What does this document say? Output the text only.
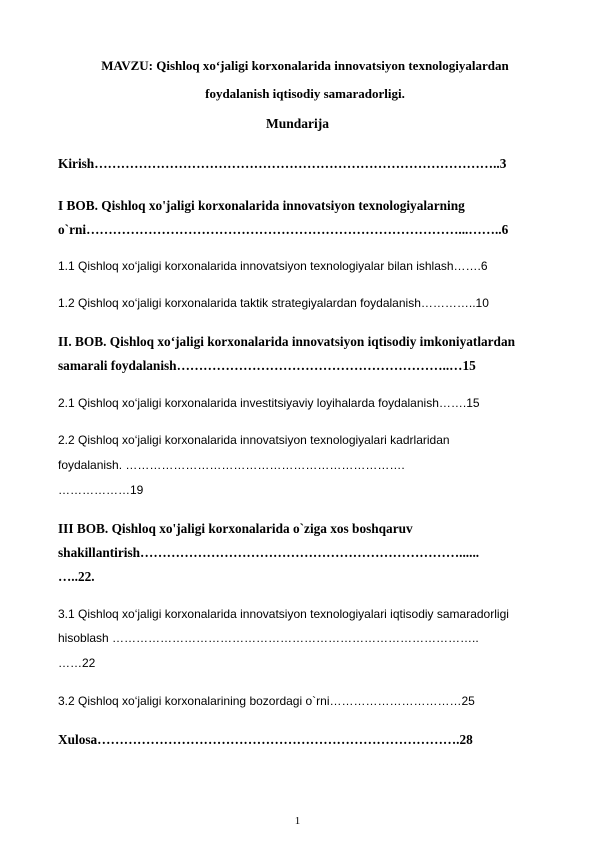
MAVZU: Qishloq xo‘jaligi korxonalarida innovatsiyon texnologiyalardan
foydalanish iqtisodiy samaradorligi.

Mundarija

Kirish………………………………………………………………………………..3
I BOB. Qishloq xo'jaligi korxonalarida innovatsiyon texnologiyalarning
o`rni…………………………………………………………………………...……..6
1.1 Qishloq xo‘jaligi korxonalarida innovatsiyon texnologiyalar bilan ishlash…….6
1.2 Qishloq xo‘jaligi korxonalarida taktik strategiyalardan foydalanish…………..10
II. BOB. Qishloq xo‘jaligi korxonalarida innovatsiyon iqtisodiy imkoniyatlardan
samarali foydalanish……………………………………………………..…15
2.1 Qishloq xo‘jaligi korxonalarida investitsiyaviy loyihalarda foydalanish…….15
2.2 Qishloq xo‘jaligi korxonalarida innovatsiyon texnologiyalari kadrlaridan
foydalanish. …………………………………………………………….
………………19
III BOB. Qishloq xo'jaligi korxonalarida o`ziga xos boshqaruv
shakillantirish………………………………………………………………......
…..22.
3.1 Qishloq xo‘jaligi korxonalarida innovatsiyon texnologiyalari iqtisodiy samaradorligi
hisoblash ………………………………………………………………………………..
……22
3.2 Qishloq xo‘jaligi korxonalarining bozordagi o`rni……………………………25
Xulosa……………………………………………………………………….28
1
